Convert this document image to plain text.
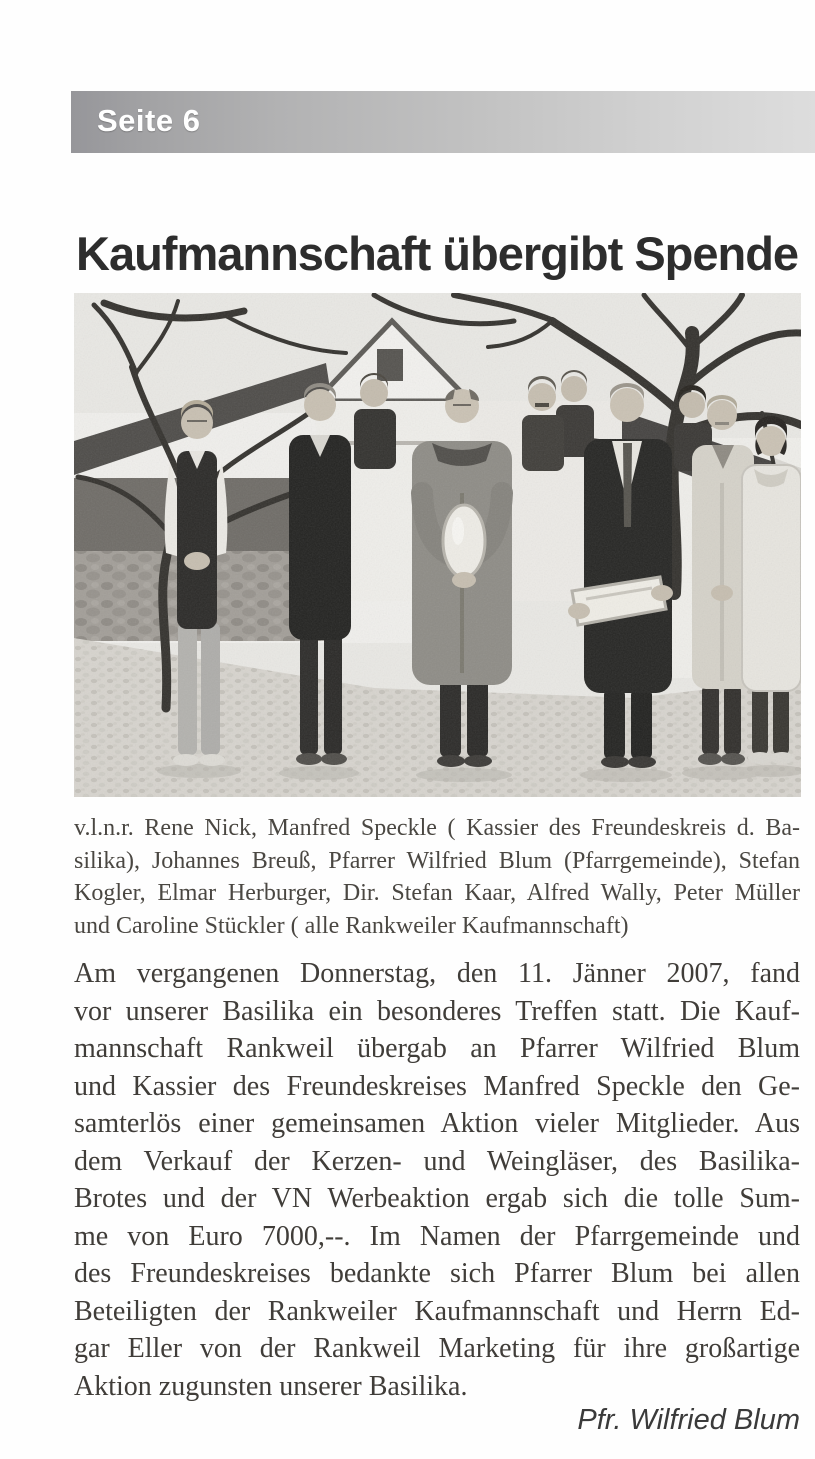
Seite 6
Kaufmannschaft übergibt Spende
v.l.n.r. Rene Nick, Manfred Speckle ( Kassier des Freundeskreis d. Ba-
silika), Johannes Breuß, Pfarrer Wilfried Blum (Pfarrgemeinde), Stefan
Kogler, Elmar Herburger, Dir. Stefan Kaar, Alfred Wally, Peter Müller
und Caroline Stückler ( alle Rankweiler Kaufmannschaft)
Am vergangenen Donnerstag, den 11. Jänner 2007, fand
vor unserer Basilika ein besonderes Treffen statt. Die Kauf-
mannschaft Rankweil übergab an Pfarrer Wilfried Blum
und Kassier des Freundeskreises Manfred Speckle den Ge-
samterlös einer gemeinsamen Aktion vieler Mitglieder. Aus
dem Verkauf der Kerzen- und Weingläser, des Basilika-
Brotes und der VN Werbeaktion ergab sich die tolle Sum-
me von Euro 7000,--. Im Namen der Pfarrgemeinde und
des Freundeskreises bedankte sich Pfarrer Blum bei allen
Beteiligten der Rankweiler Kaufmannschaft und Herrn Ed-
gar Eller von der Rankweil Marketing für ihre großartige
Aktion zugunsten unserer Basilika.
Pfr. Wilfried Blum
